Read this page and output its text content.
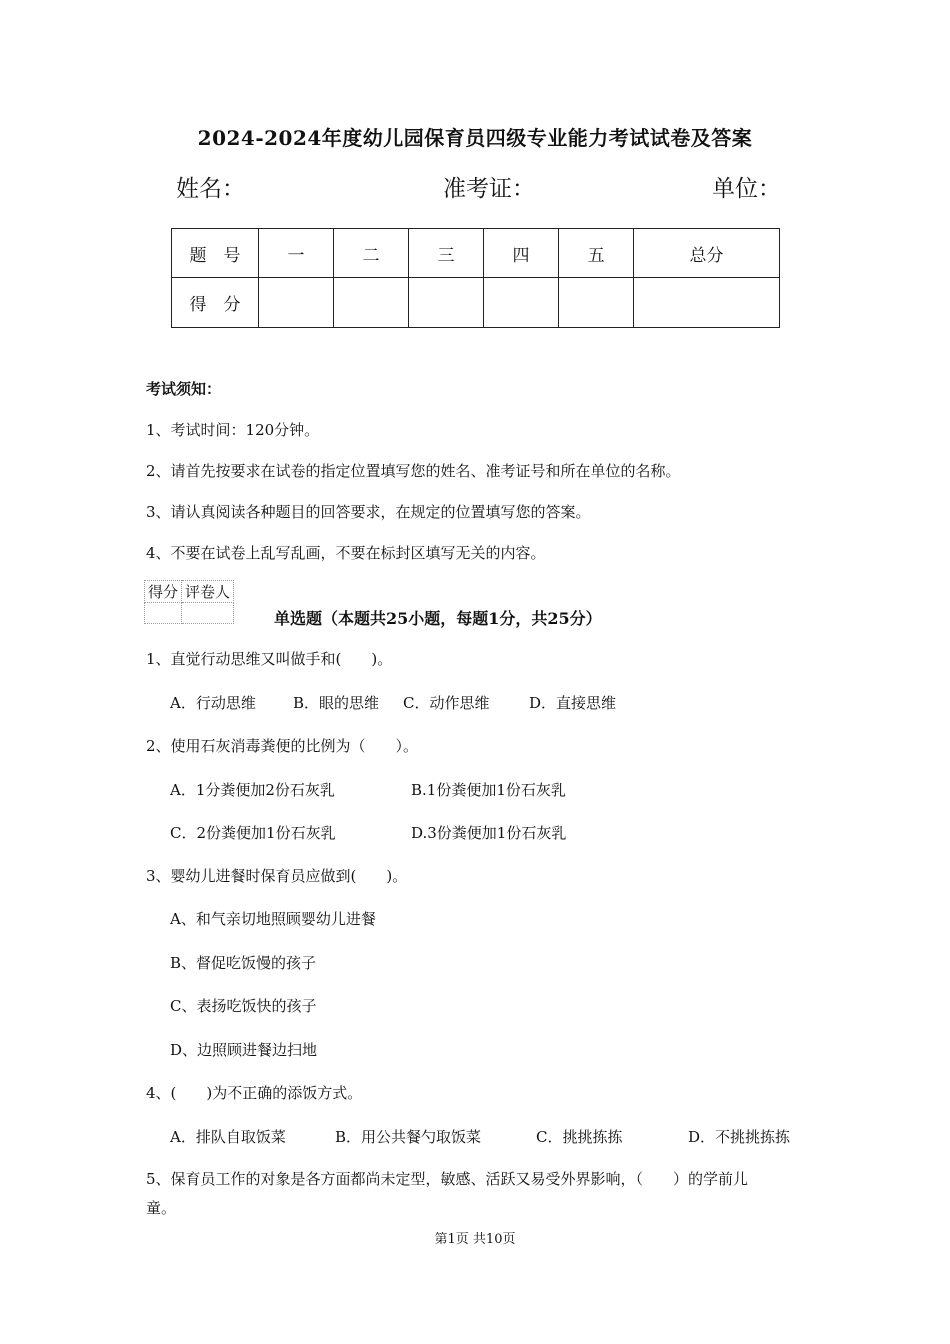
2024-2024年度幼儿园保育员四级专业能力考试试卷及答案
姓名：	准考证：	单位：
题　号	一	二	三	四	五	总分
得　分						
考试须知：
1、考试时间：120分钟。
2、请首先按要求在试卷的指定位置填写您的姓名、准考证号和所在单位的名称。
3、请认真阅读各种题目的回答要求，在规定的位置填写您的答案。
4、不要在试卷上乱写乱画，不要在标封区填写无关的内容。
得分	评卷人

单选题（本题共25小题，每题1分，共25分）
1、直觉行动思维又叫做手和(　　)。
A．行动思维 B．眼的思维 C．动作思维	D．直接思维
2、使用石灰消毒粪便的比例为（　　）。
A．1分粪便加2份石灰乳	B.1份粪便加1份石灰乳
C．2份粪便加1份石灰乳	D.3份粪便加1份石灰乳
3、婴幼儿进餐时保育员应做到(　　)。
A、和气亲切地照顾婴幼儿进餐
B、督促吃饭慢的孩子
C、表扬吃饭快的孩子
D、边照顾进餐边扫地
4、(　　)为不正确的添饭方式。
A．排队自取饭菜	B．用公共餐勺取饭菜	C．挑挑拣拣	D．不挑挑拣拣
5、保育员工作的对象是各方面都尚未定型，敏感、活跃又易受外界影响，（　　）的学前儿
童。
第1页 共10页
